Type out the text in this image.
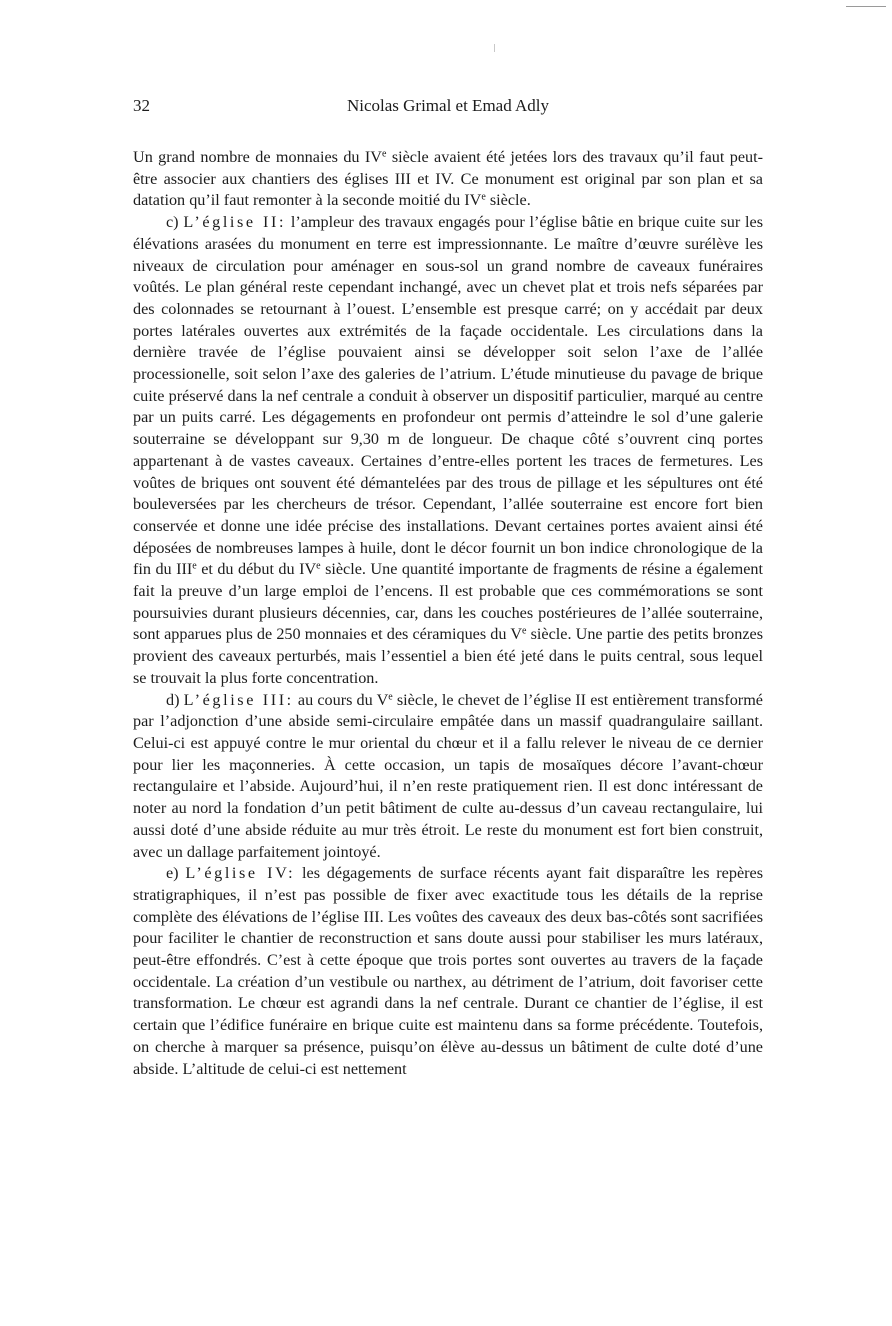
32	Nicolas Grimal et Emad Adly

Un grand nombre de monnaies du IVe siècle avaient été jetées lors des travaux qu’il faut peut-être associer aux chantiers des églises III et IV. Ce monument est original par son plan et sa datation qu’il faut remonter à la seconde moitié du IVe siècle.

c) L’église II: l’ampleur des travaux engagés pour l’église bâtie en brique cuite sur les élévations arasées du monument en terre est impressionnante. Le maître d’œuvre surélève les niveaux de circulation pour aménager en sous-sol un grand nombre de caveaux funéraires voûtés. Le plan général reste cependant inchangé, avec un chevet plat et trois nefs séparées par des colonnades se retournant à l’ouest. L’ensemble est presque carré; on y accédait par deux portes latérales ouvertes aux extrémités de la façade occidentale. Les circulations dans la dernière travée de l’église pouvaient ainsi se développer soit selon l’axe de l’allée processionelle, soit selon l’axe des galeries de l’atrium. L’étude minutieuse du pavage de brique cuite préservé dans la nef centrale a conduit à observer un dispositif particulier, marqué au centre par un puits carré. Les dégagements en profondeur ont permis d’atteindre le sol d’une galerie souterraine se développant sur 9,30 m de longueur. De chaque côté s’ouvrent cinq portes appartenant à de vastes caveaux. Certaines d’entre-elles portent les traces de fermetures. Les voûtes de briques ont souvent été démantelées par des trous de pillage et les sépultures ont été bouleversées par les chercheurs de trésor. Cependant, l’allée souterraine est encore fort bien conservée et donne une idée précise des installations. Devant certaines portes avaient ainsi été déposées de nombreuses lampes à huile, dont le décor fournit un bon indice chronologique de la fin du IIIe et du début du IVe siècle. Une quantité importante de fragments de résine a également fait la preuve d’un large emploi de l’encens. Il est probable que ces commémorations se sont poursuivies durant plusieurs décennies, car, dans les couches postérieures de l’allée souterraine, sont apparues plus de 250 monnaies et des céramiques du Ve siècle. Une partie des petits bronzes provient des caveaux perturbés, mais l’essentiel a bien été jeté dans le puits central, sous lequel se trouvait la plus forte concentration.

d) L’église III: au cours du Ve siècle, le chevet de l’église II est entièrement transformé par l’adjonction d’une abside semi-circulaire empâtée dans un massif quadrangulaire saillant. Celui-ci est appuyé contre le mur oriental du chœur et il a fallu relever le niveau de ce dernier pour lier les maçonneries. À cette occasion, un tapis de mosaïques décore l’avant-chœur rectangulaire et l’abside. Aujourd’hui, il n’en reste pratiquement rien. Il est donc intéressant de noter au nord la fondation d’un petit bâtiment de culte au-dessus d’un caveau rectangulaire, lui aussi doté d’une abside réduite au mur très étroit. Le reste du monument est fort bien construit, avec un dallage parfaitement jointoyé.

e) L’église IV: les dégagements de surface récents ayant fait disparaître les repères stratigraphiques, il n’est pas possible de fixer avec exactitude tous les détails de la reprise complète des élévations de l’église III. Les voûtes des caveaux des deux bas-côtés sont sacrifiées pour faciliter le chantier de reconstruction et sans doute aussi pour stabiliser les murs latéraux, peut-être effondrés. C’est à cette époque que trois portes sont ouvertes au travers de la façade occidentale. La création d’un vestibule ou narthex, au détriment de l’atrium, doit favoriser cette transformation. Le chœur est agrandi dans la nef centrale. Durant ce chantier de l’église, il est certain que l’édifice funéraire en brique cuite est maintenu dans sa forme précédente. Toutefois, on cherche à marquer sa présence, puisqu’on élève au-dessus un bâtiment de culte doté d’une abside. L’altitude de celui-ci est nettement
